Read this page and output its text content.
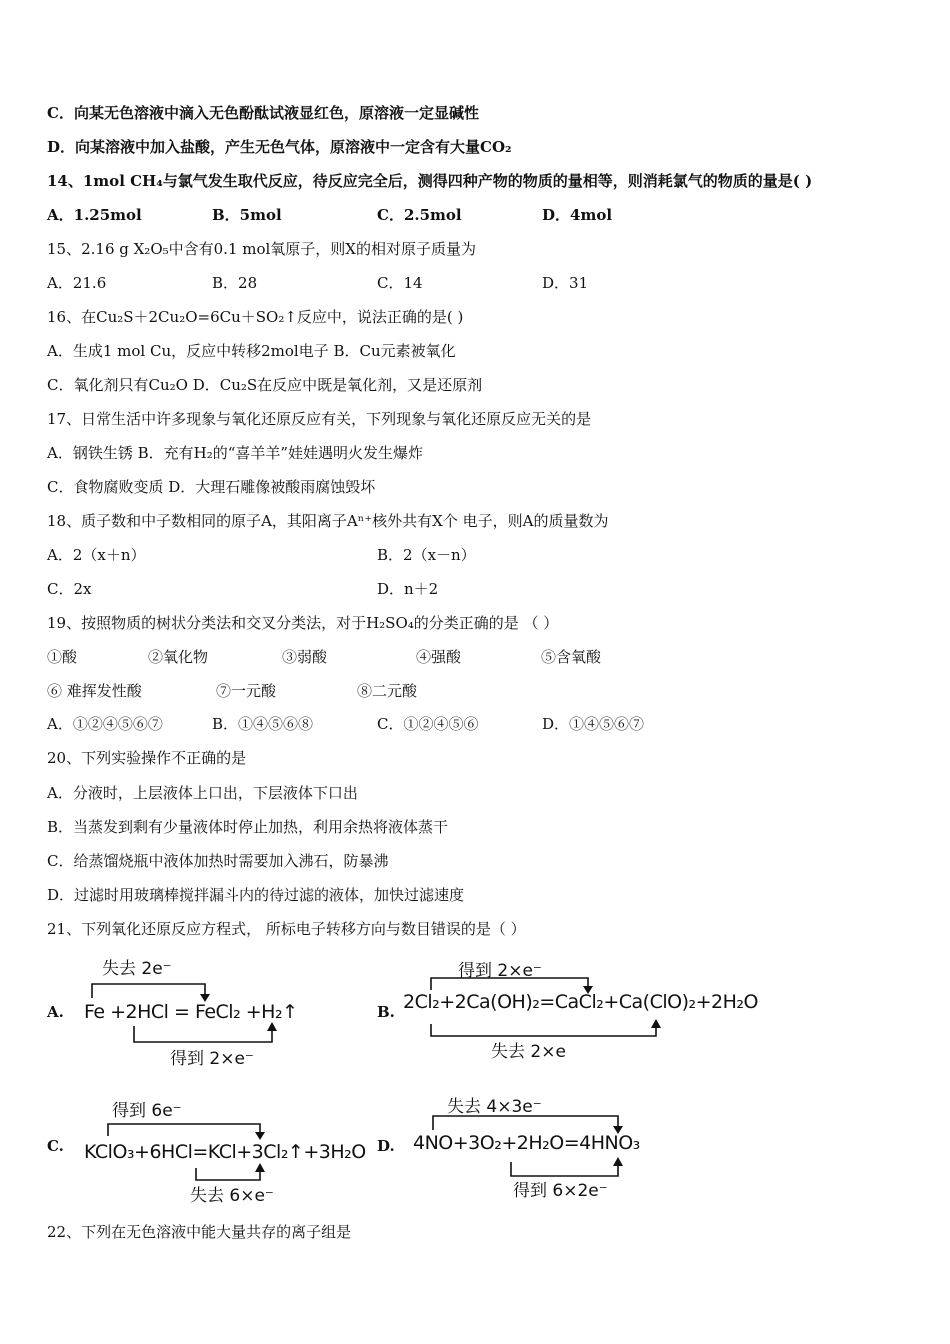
C．向某无色溶液中滴入无色酚酞试液显红色，原溶液一定显碱性
D．向某溶液中加入盐酸，产生无色气体，原溶液中一定含有大量CO₂
14、1mol CH₄与氯气发生取代反应，待反应完全后，测得四种产物的物质的量相等，则消耗氯气的物质的量是( )
A．1.25mol	B．5mol	C．2.5mol	D．4mol
15、2.16 g X₂O₅中含有0.1 mol氧原子，则X的相对原子质量为
A．21.6	B．28	C．14	D．31
16、在Cu₂S＋2Cu₂O=6Cu＋SO₂↑反应中，说法正确的是( )
A．生成1 mol Cu，反应中转移2mol电子 B．Cu元素被氧化
C．氧化剂只有Cu₂O D．Cu₂S在反应中既是氧化剂，又是还原剂
17、日常生活中许多现象与氧化还原反应有关，下列现象与氧化还原反应无关的是
A．钢铁生锈 B．充有H₂的“喜羊羊”娃娃遇明火发生爆炸
C．食物腐败变质 D．大理石雕像被酸雨腐蚀毁坏
18、质子数和中子数相同的原子A，其阳离子Aⁿ⁺核外共有X个 电子，则A的质量数为
A．2（x＋n）	B．2（x－n）
C．2x	D．n＋2
19、按照物质的树状分类法和交叉分类法，对于H₂SO₄的分类正确的是 （ ）
①酸	②氧化物	③弱酸	④强酸	⑤含氧酸
⑥ 难挥发性酸	⑦一元酸	⑧二元酸
A．①②④⑤⑥⑦	B．①④⑤⑥⑧	C．①②④⑤⑥	D．①④⑤⑥⑦
20、下列实验操作不正确的是
A．分液时，上层液体上口出，下层液体下口出
B．当蒸发到剩有少量液体时停止加热，利用余热将液体蒸干
C．给蒸馏烧瓶中液体加热时需要加入沸石，防暴沸
D．过滤时用玻璃棒搅拌漏斗内的待过滤的液体，加快过滤速度
21、下列氧化还原反应方程式， 所标电子转移方向与数目错误的是（ ）
A.
失去 2e⁻
Fe +2HCl = FeCl₂ +H₂↑
得到 2×e⁻
B.
得到 2×e⁻
2Cl₂+2Ca(OH)₂=CaCl₂+Ca(ClO)₂+2H₂O
失去 2×e
C.
得到 6e⁻
KClO₃+6HCl=KCl+3Cl₂↑+3H₂O
失去 6×e⁻
D.
失去 4×3e⁻
4NO+3O₂+2H₂O=4HNO₃
得到 6×2e⁻
22、下列在无色溶液中能大量共存的离子组是
